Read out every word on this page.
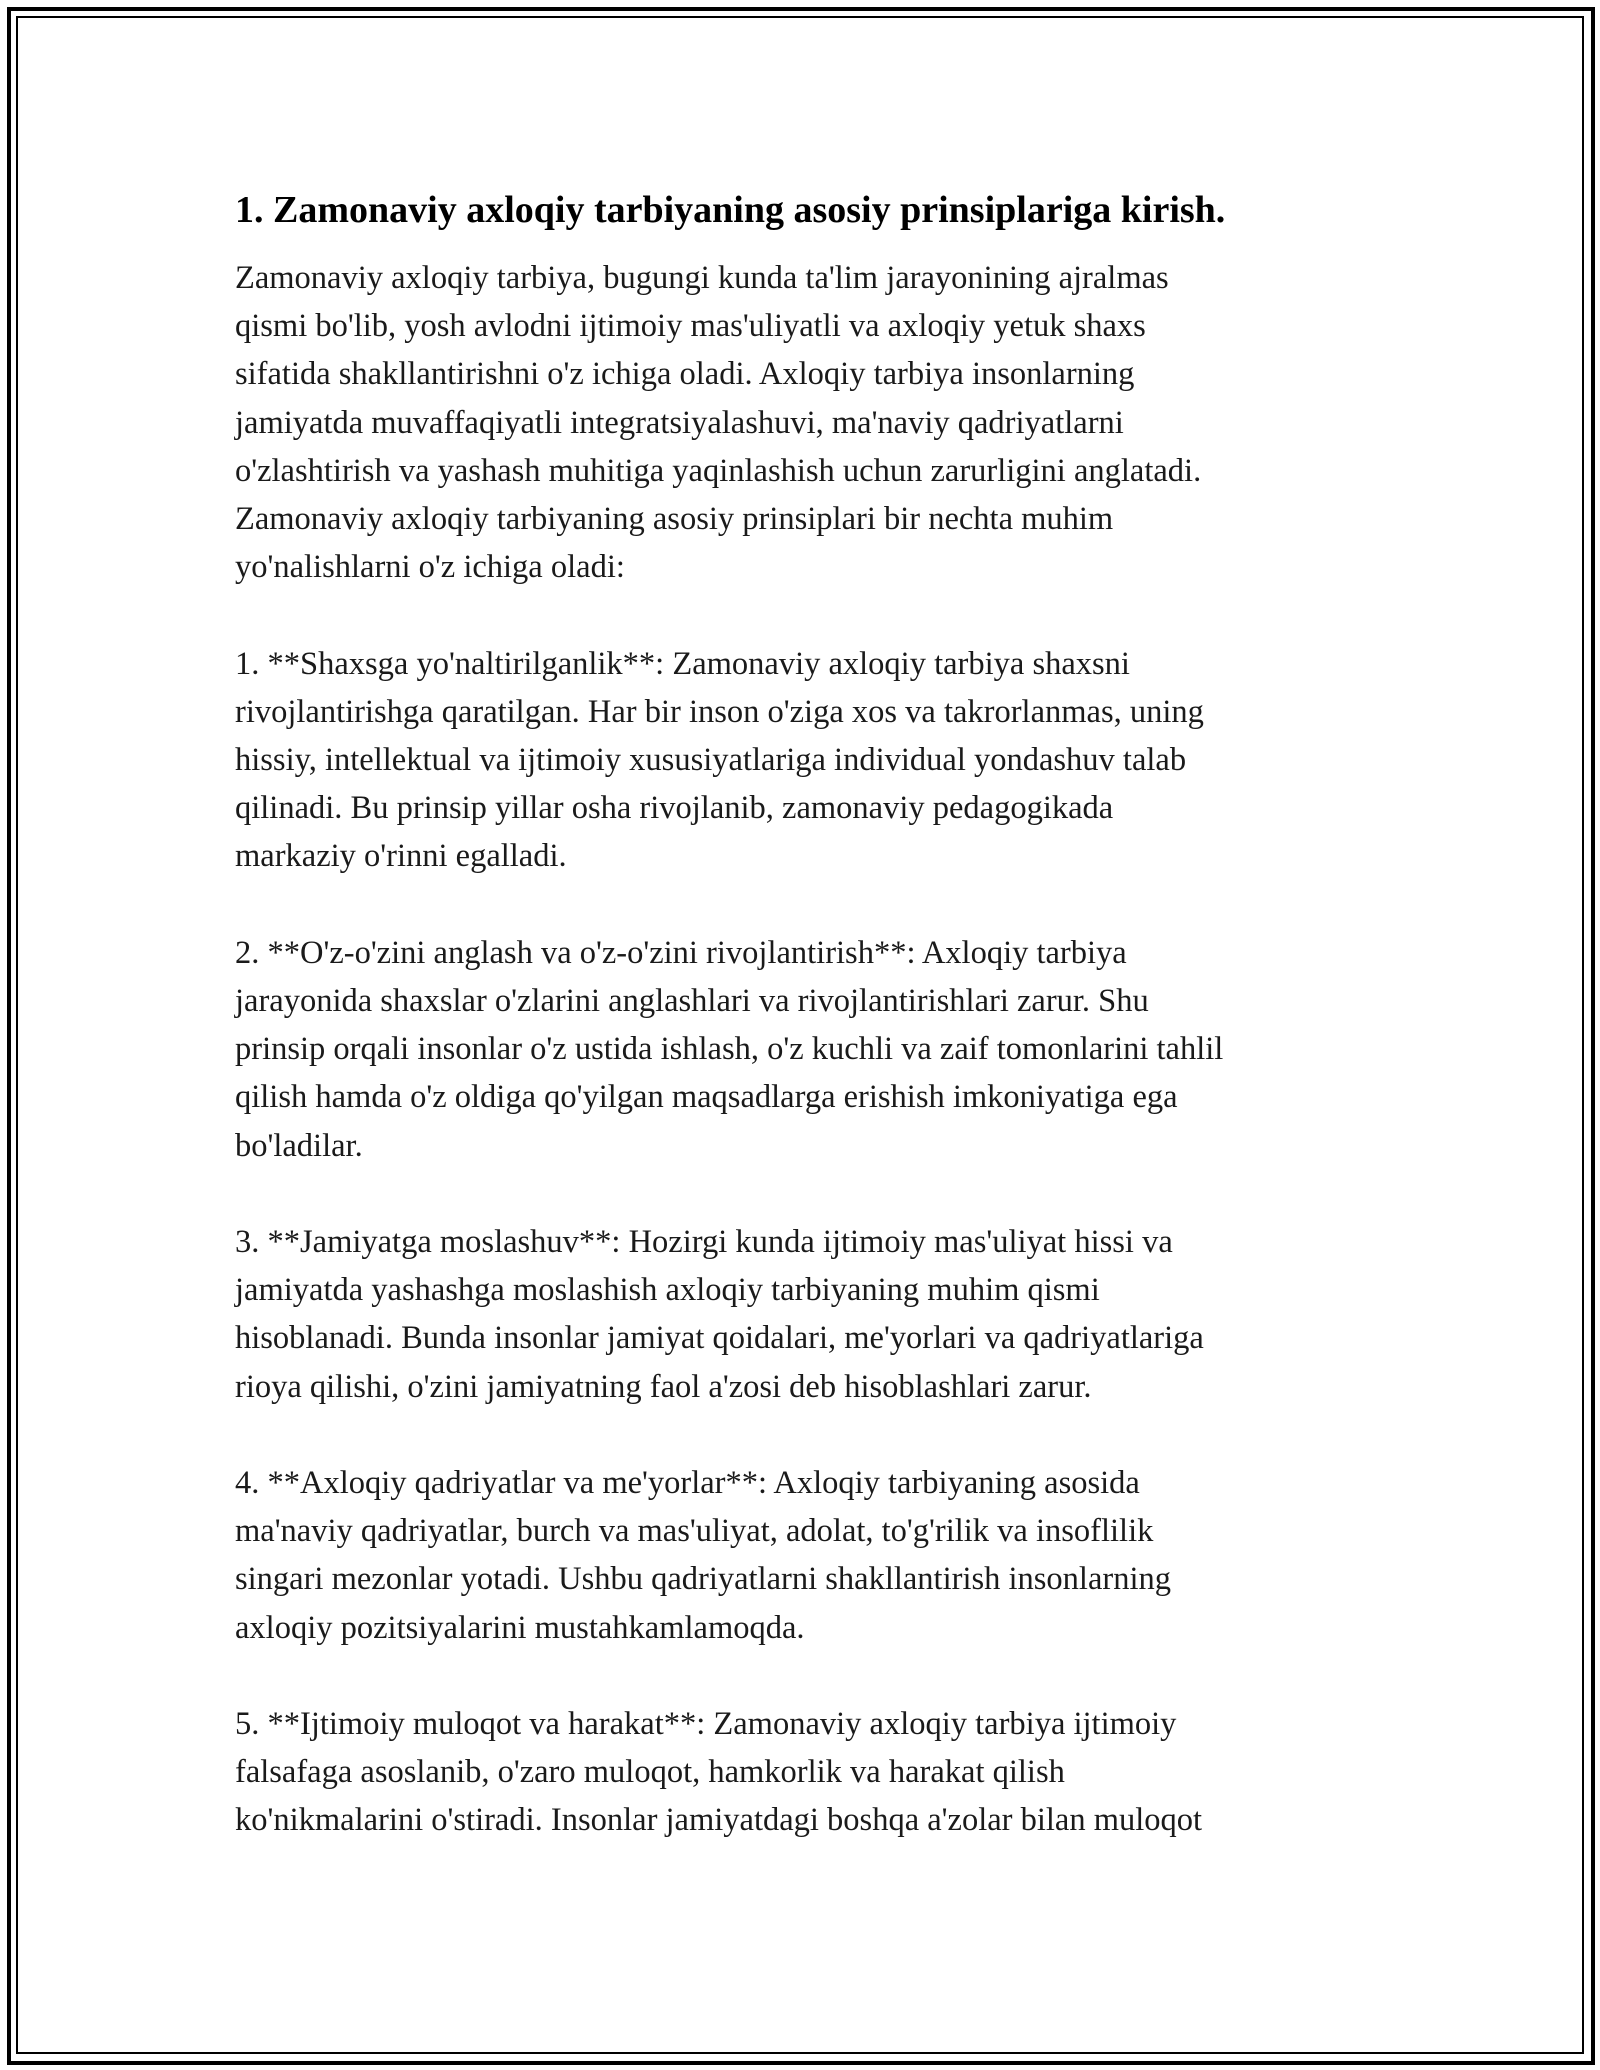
1. Zamonaviy axloqiy tarbiyaning asosiy prinsiplariga kirish.
Zamonaviy axloqiy tarbiya, bugungi kunda ta'lim jarayonining ajralmas
qismi bo'lib, yosh avlodni ijtimoiy mas'uliyatli va axloqiy yetuk shaxs
sifatida shakllantirishni o'z ichiga oladi. Axloqiy tarbiya insonlarning
jamiyatda muvaffaqiyatli integratsiyalashuvi, ma'naviy qadriyatlarni
o'zlashtirish va yashash muhitiga yaqinlashish uchun zarurligini anglatadi.
Zamonaviy axloqiy tarbiyaning asosiy prinsiplari bir nechta muhim
yo'nalishlarni o'z ichiga oladi:
1. **Shaxsga yo'naltirilganlik**: Zamonaviy axloqiy tarbiya shaxsni
rivojlantirishga qaratilgan. Har bir inson o'ziga xos va takrorlanmas, uning
hissiy, intellektual va ijtimoiy xususiyatlariga individual yondashuv talab
qilinadi. Bu prinsip yillar osha rivojlanib, zamonaviy pedagogikada
markaziy o'rinni egalladi.
2. **O'z-o'zini anglash va o'z-o'zini rivojlantirish**: Axloqiy tarbiya
jarayonida shaxslar o'zlarini anglashlari va rivojlantirishlari zarur. Shu
prinsip orqali insonlar o'z ustida ishlash, o'z kuchli va zaif tomonlarini tahlil
qilish hamda o'z oldiga qo'yilgan maqsadlarga erishish imkoniyatiga ega
bo'ladilar.
3. **Jamiyatga moslashuv**: Hozirgi kunda ijtimoiy mas'uliyat hissi va
jamiyatda yashashga moslashish axloqiy tarbiyaning muhim qismi
hisoblanadi. Bunda insonlar jamiyat qoidalari, me'yorlari va qadriyatlariga
rioya qilishi, o'zini jamiyatning faol a'zosi deb hisoblashlari zarur.
4. **Axloqiy qadriyatlar va me'yorlar**: Axloqiy tarbiyaning asosida
ma'naviy qadriyatlar, burch va mas'uliyat, adolat, to'g'rilik va insoflilik
singari mezonlar yotadi. Ushbu qadriyatlarni shakllantirish insonlarning
axloqiy pozitsiyalarini mustahkamlamoqda.
5. **Ijtimoiy muloqot va harakat**: Zamonaviy axloqiy tarbiya ijtimoiy
falsafaga asoslanib, o'zaro muloqot, hamkorlik va harakat qilish
ko'nikmalarini o'stiradi. Insonlar jamiyatdagi boshqa a'zolar bilan muloqot
